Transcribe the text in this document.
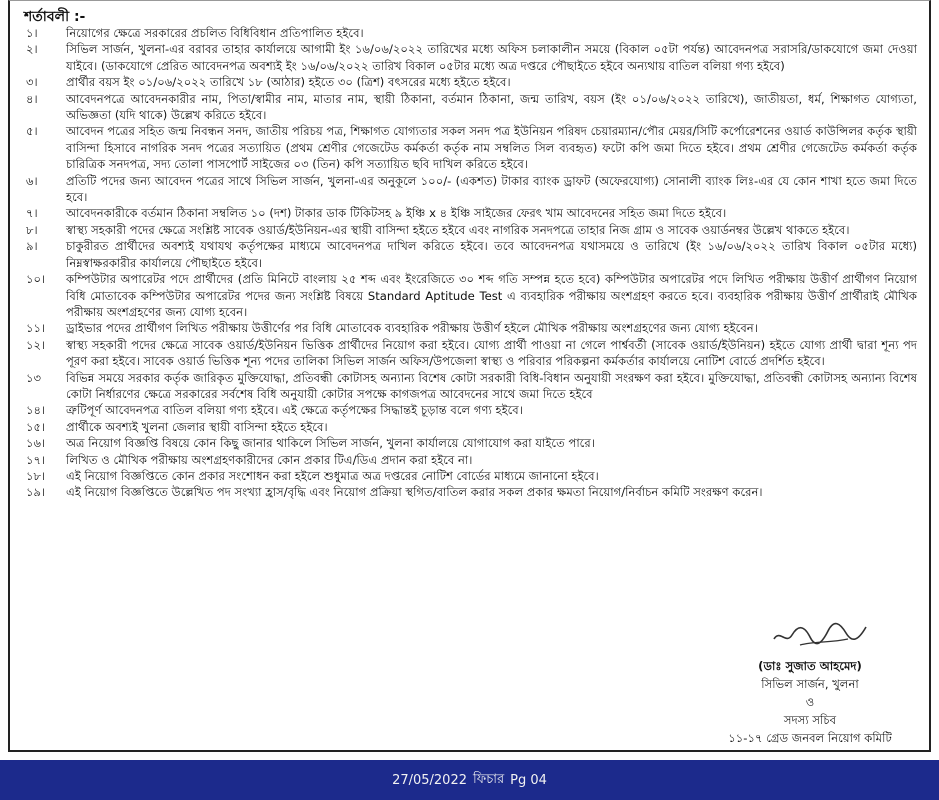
শর্তাবলী :-
১।	নিয়োগের ক্ষেত্রে সরকারের প্রচলিত বিধিবিধান প্রতিপালিত হইবে।
২।	সিভিল সার্জন, খুলনা-এর বরাবর তাহার কার্যালয়ে আগামী ইং ১৬/০৬/২০২২ তারিখের মধ্যে অফিস চলাকালীন সময়ে (বিকাল ০৫টা পর্যন্ত) আবেদনপত্র সরাসরি/ডাকযোগে জমা দেওয়া যাইবে। (ডাকযোগে প্রেরিত আবেদনপত্র অবশ্যই ইং ১৬/০৬/২০২২ তারিখ বিকাল ০৫টার মধ্যে অত্র দপ্তরে পৌছাইতে হইবে অন্যথায় বাতিল বলিয়া গণ্য হইবে)
৩।	প্রার্থীর বয়স ইং ০১/০৬/২০২২ তারিখে ১৮ (আঠার) হইতে ৩০ (ত্রিশ) বৎসরের মধ্যে হইতে হইবে।
৪।	আবেদনপত্রে আবেদনকারীর নাম, পিতা/স্বামীর নাম, মাতার নাম, স্থায়ী ঠিকানা, বর্তমান ঠিকানা, জন্ম তারিখ, বয়স (ইং ০১/০৬/২০২২ তারিখে), জাতীয়তা, ধর্ম, শিক্ষাগত যোগ্যতা, অভিজ্ঞতা (যদি থাকে) উল্লেখ করিতে হইবে।
৫।	আবেদন পত্রের সহিত জন্ম নিবন্ধন সনদ, জাতীয় পরিচয় পত্র, শিক্ষাগত যোগ্যতার সকল সনদ পত্র ইউনিয়ন পরিষদ চেয়ারম্যান/পৌর মেয়র/সিটি কর্পোরেশনের ওয়ার্ড কাউন্সিলর কর্তৃক স্থায়ী বাসিন্দা হিসাবে নাগরিক সনদ পত্রের সত্যায়িত (প্রথম শ্রেণীর গেজেটেড কর্মকর্তা কর্তৃক নাম সম্বলিত সিল ব্যবহৃত) ফটো কপি জমা দিতে হইবে। প্রথম শ্রেণীর গেজেটেড কর্মকর্তা কর্তৃক চারিত্রিক সনদপত্র, সদ্য তোলা পাসপোর্ট সাইজের ০৩ (তিন) কপি সত্যায়িত ছবি দাখিল করিতে হইবে।
৬।	প্রতিটি পদের জন্য আবেদন পত্রের সাথে সিভিল সার্জন, খুলনা-এর অনুকূলে ১০০/- (একশত) টাকার ব্যাংক ড্রাফট (অফেরযোগ্য) সোনালী ব্যাংক লিঃ-এর যে কোন শাখা হতে জমা দিতে হবে।
৭।	আবেদনকারীকে বর্তমান ঠিকানা সম্বলিত ১০ (দশ) টাকার ডাক টিকিটসহ ৯ ইঞ্চি x ৪ ইঞ্চি সাইজের ফেরৎ খাম আবেদনের সহিত জমা দিতে হইবে।
৮।	স্বাস্থ্য সহকারী পদের ক্ষেত্রে সংশ্লিষ্ট সাবেক ওয়ার্ড/ইউনিয়ন-এর স্থায়ী বাসিন্দা হইতে হইবে এবং নাগরিক সনদপত্রে তাহার নিজ গ্রাম ও সাবেক ওয়ার্ডনম্বর উল্লেখ থাকতে হইবে।
৯।	চাকুরীরত প্রার্থীদের অবশ্যই যথাযথ কর্তৃপক্ষের মাধ্যমে আবেদনপত্র দাখিল করিতে হইবে। তবে আবেদনপত্র যথাসময়ে ও তারিখে (ইং ১৬/০৬/২০২২ তারিখ বিকাল ০৫টার মধ্যে) নিম্নস্বাক্ষরকারীর কার্যালয়ে পৌছাইতে হইবে।
১০।	কম্পিউটার অপারেটর পদে প্রার্থীদের (প্রতি মিনিটে বাংলায় ২৫ শব্দ এবং ইংরেজিতে ৩০ শব্দ গতি সম্পন্ন হতে হবে) কম্পিউটার অপারেটর পদে লিখিত পরীক্ষায় উত্তীর্ণ প্রার্থীগণ নিয়োগ বিধি মোতাবেক কম্পিউটার অপারেটর পদের জন্য সংশ্লিষ্ট বিষয়ে Standard Aptitude Test এ ব্যবহারিক পরীক্ষায় অংশগ্রহণ করতে হবে। ব্যবহারিক পরীক্ষায় উত্তীর্ণ প্রার্থীরাই মৌখিক পরীক্ষায় অংশগ্রহণের জন্য যোগ্য হবেন।
১১।	ড্রাইভার পদের প্রার্থীগণ লিখিত পরীক্ষায় উত্তীর্ণের পর বিধি মোতাবেক ব্যবহারিক পরীক্ষায় উত্তীর্ণ হইলে মৌখিক পরীক্ষায় অংশগ্রহণের জন্য যোগ্য হইবেন।
১২।	স্বাস্থ্য সহকারী পদের ক্ষেত্রে সাবেক ওয়ার্ড/ইউনিয়ন ভিত্তিক প্রার্থীদের নিয়োগ করা হইবে। যোগ্য প্রার্থী পাওয়া না গেলে পার্শ্ববর্তী (সাবেক ওয়ার্ড/ইউনিয়ন) হইতে যোগ্য প্রার্থী দ্বারা শূন্য পদ পূরণ করা হইবে। সাবেক ওয়ার্ড ভিত্তিক শূন্য পদের তালিকা সিভিল সার্জন অফিস/উপজেলা স্বাস্থ্য ও পরিবার পরিকল্পনা কর্মকর্তার কার্যালয়ে নোটিশ বোর্ডে প্রদর্শিত হইবে।
১৩	বিভিন্ন সময়ে সরকার কর্তৃক জারিকৃত মুক্তিযোদ্ধা, প্রতিবন্ধী কোটাসহ অন্যান্য বিশেষ কোটা সরকারী বিধি-বিধান অনুযায়ী সংরক্ষণ করা হইবে। মুক্তিযোদ্ধা, প্রতিবন্ধী কোটাসহ অন্যান্য বিশেষ কোটা নির্ধারণের ক্ষেত্রে সরকারের সর্বশেষ বিধি অনুযায়ী কোটার সপক্ষে কাগজপত্র আবেদনের সাথে জমা দিতে হইবে
১৪।	ত্রুটিপূর্ণ আবেদনপত্র বাতিল বলিয়া গণ্য হইবে। এই ক্ষেত্রে কর্তৃপক্ষের সিদ্ধান্তই চূড়ান্ত বলে গণ্য হইবে।
১৫।	প্রার্থীকে অবশ্যই খুলনা জেলার স্থায়ী বাসিন্দা হইতে হইবে।
১৬।	অত্র নিয়োগ বিজ্ঞপ্তি বিষয়ে কোন কিছু জানার থাকিলে সিভিল সার্জন, খুলনা কার্যালয়ে যোগাযোগ করা যাইতে পারে।
১৭।	লিখিত ও মৌখিক পরীক্ষায় অংশগ্রহণকারীদের কোন প্রকার টিএ/ডিএ প্রদান করা হইবে না।
১৮।	এই নিয়োগ বিজ্ঞপ্তিতে কোন প্রকার সংশোধন করা হইলে শুধুমাত্র অত্র দপ্তরের নোটিশ বোর্ডের মাধ্যমে জানানো হইবে।
১৯।	এই নিয়োগ বিজ্ঞপ্তিতে উল্লেখিত পদ সংখ্যা হ্রাস/বৃদ্ধি এবং নিয়োগ প্রক্রিয়া স্থগিত/বাতিল করার সকল প্রকার ক্ষমতা নিয়োগ/নির্বাচন কমিটি সংরক্ষণ করেন।
(ডাঃ সুজাত আহমেদ)
সিভিল সার্জন, খুলনা
ও
সদস্য সচিব
১১-১৭ গ্রেড জনবল নিয়োগ কমিটি
27/05/2022 ফিচার Pg 04
